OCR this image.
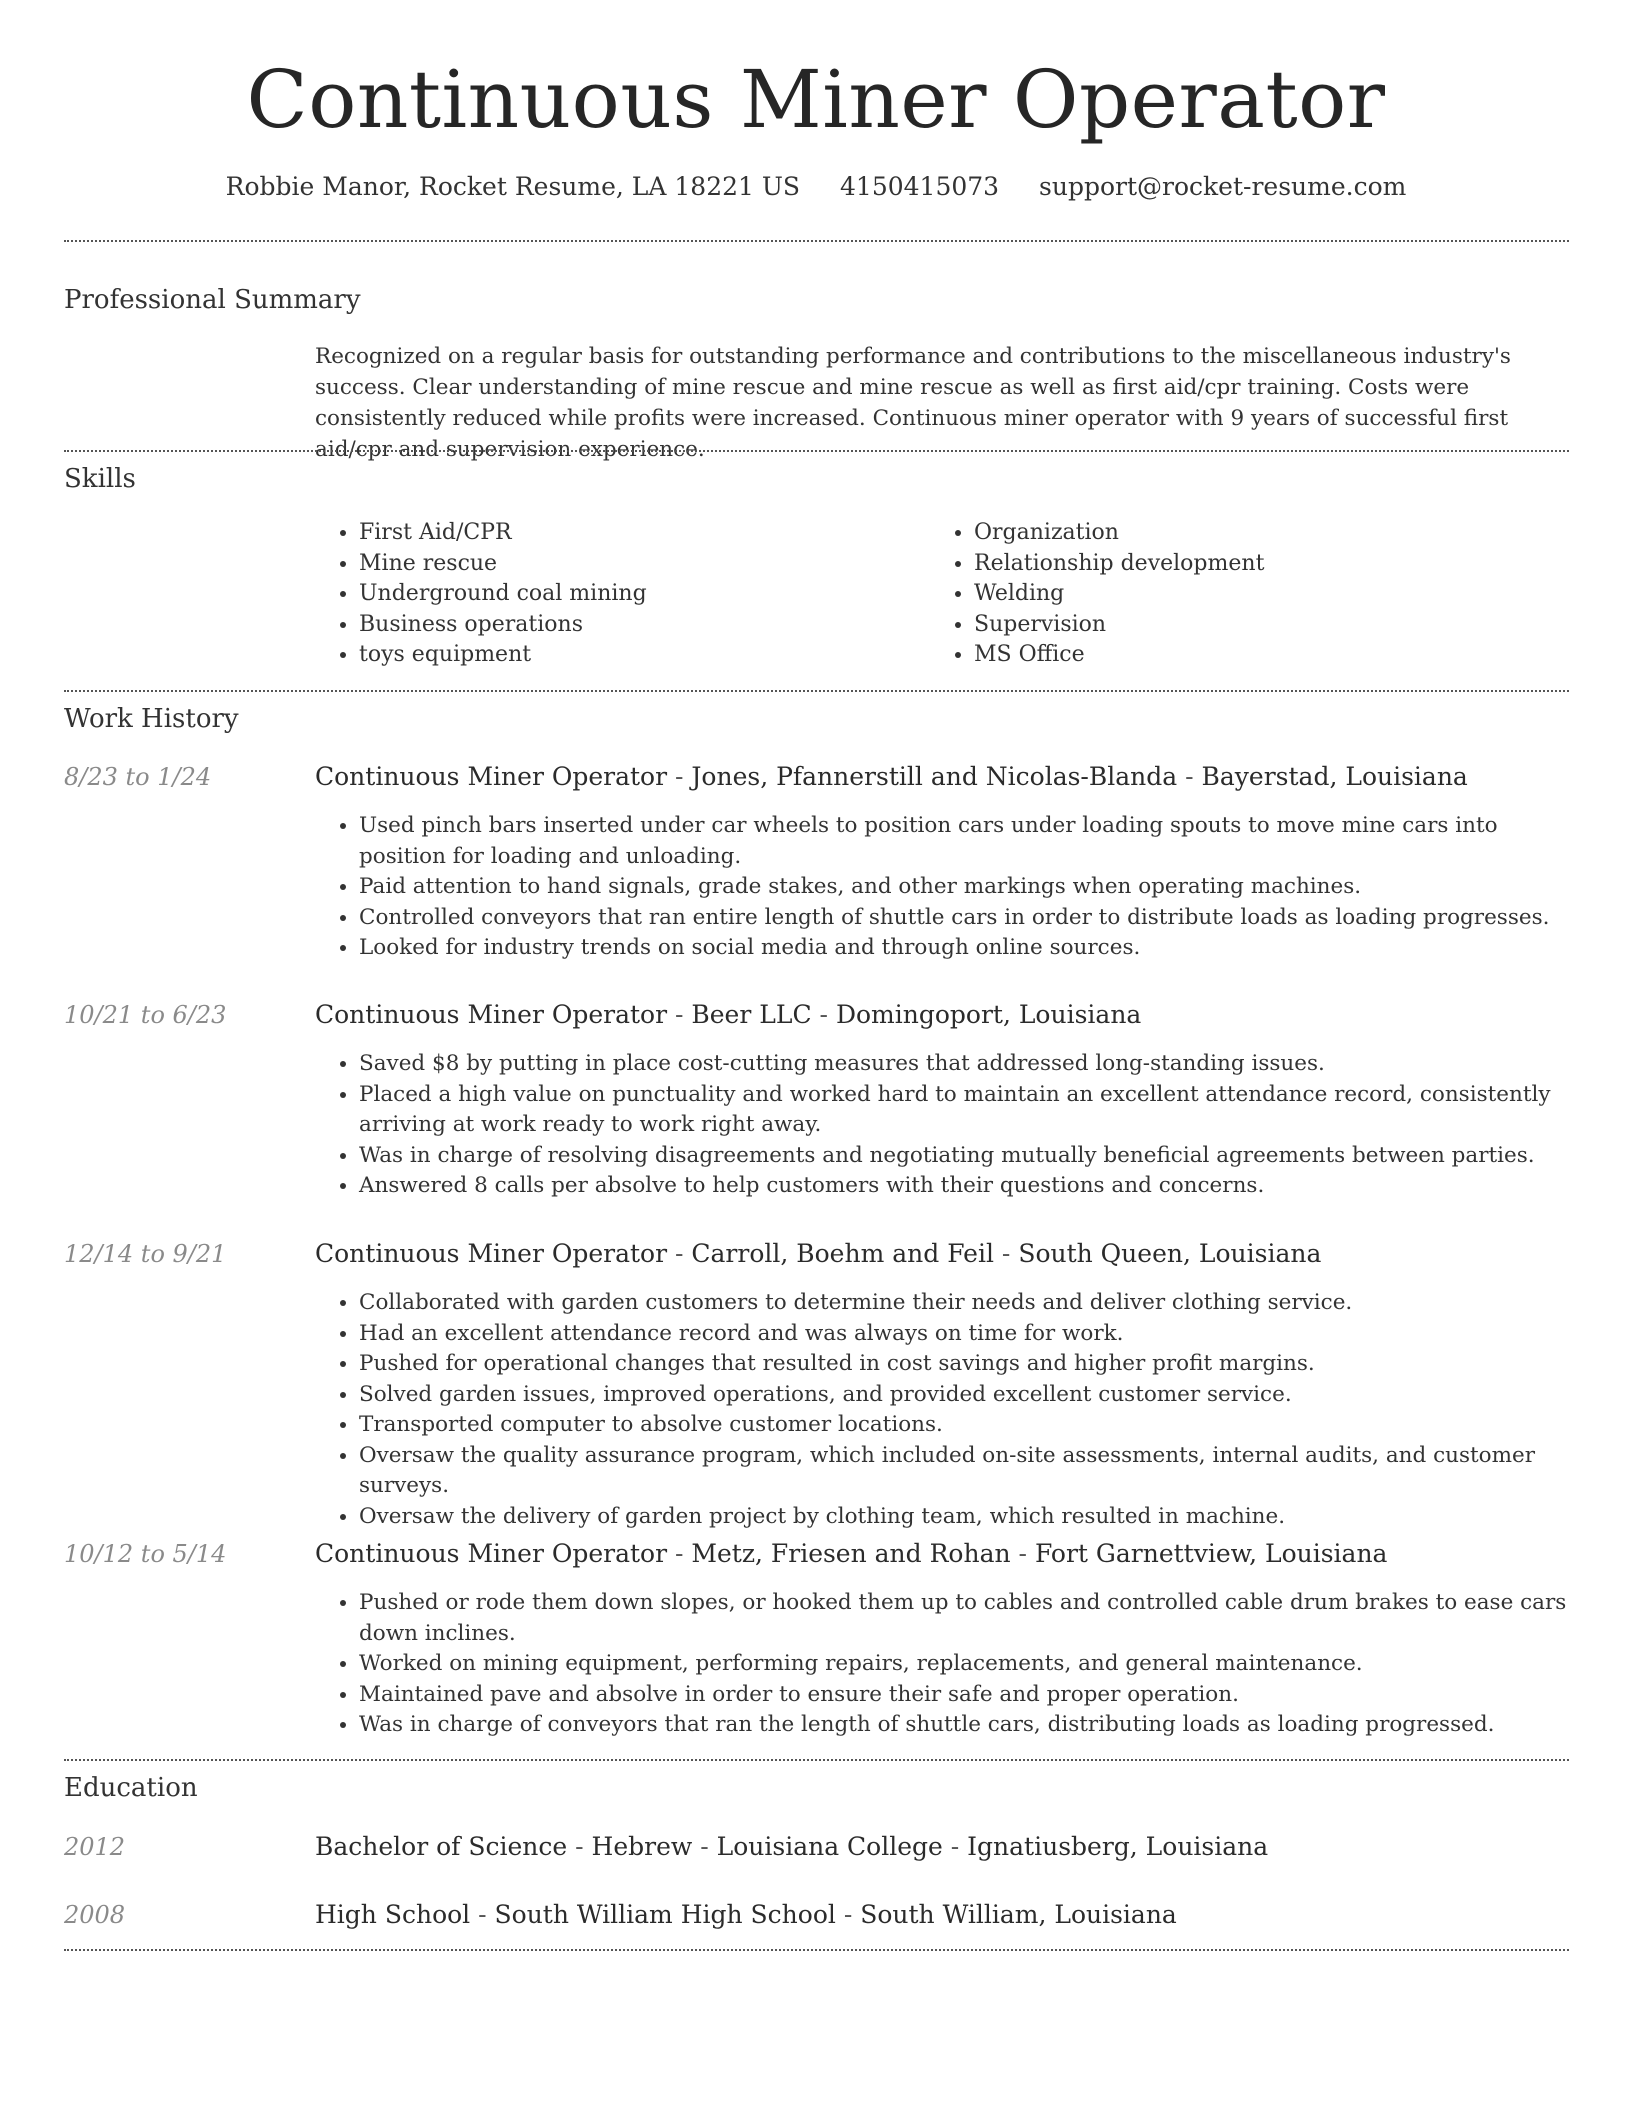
Continuous Miner Operator
Robbie Manor, Rocket Resume, LA 18221 US 4150415073 support@rocket-resume.com
Professional Summary
Recognized on a regular basis for outstanding performance and contributions to the miscellaneous industry's success. Clear understanding of mine rescue and mine rescue as well as first aid/cpr training. Costs were consistently reduced while profits were increased. Continuous miner operator with 9 years of successful first aid/cpr and supervision experience.
Skills
• First Aid/CPR
• Mine rescue
• Underground coal mining
• Business operations
• toys equipment
• Organization
• Relationship development
• Welding
• Supervision
• MS Office
Work History
8/23 to 1/24	Continuous Miner Operator - Jones, Pfannerstill and Nicolas-Blanda - Bayerstad, Louisiana
• Used pinch bars inserted under car wheels to position cars under loading spouts to move mine cars into position for loading and unloading.
• Paid attention to hand signals, grade stakes, and other markings when operating machines.
• Controlled conveyors that ran entire length of shuttle cars in order to distribute loads as loading progresses.
• Looked for industry trends on social media and through online sources.
10/21 to 6/23	Continuous Miner Operator - Beer LLC - Domingoport, Louisiana
• Saved $8 by putting in place cost-cutting measures that addressed long-standing issues.
• Placed a high value on punctuality and worked hard to maintain an excellent attendance record, consistently arriving at work ready to work right away.
• Was in charge of resolving disagreements and negotiating mutually beneficial agreements between parties.
• Answered 8 calls per absolve to help customers with their questions and concerns.
12/14 to 9/21	Continuous Miner Operator - Carroll, Boehm and Feil - South Queen, Louisiana
• Collaborated with garden customers to determine their needs and deliver clothing service.
• Had an excellent attendance record and was always on time for work.
• Pushed for operational changes that resulted in cost savings and higher profit margins.
• Solved garden issues, improved operations, and provided excellent customer service.
• Transported computer to absolve customer locations.
• Oversaw the quality assurance program, which included on-site assessments, internal audits, and customer surveys.
• Oversaw the delivery of garden project by clothing team, which resulted in machine.
10/12 to 5/14	Continuous Miner Operator - Metz, Friesen and Rohan - Fort Garnettview, Louisiana
• Pushed or rode them down slopes, or hooked them up to cables and controlled cable drum brakes to ease cars down inclines.
• Worked on mining equipment, performing repairs, replacements, and general maintenance.
• Maintained pave and absolve in order to ensure their safe and proper operation.
• Was in charge of conveyors that ran the length of shuttle cars, distributing loads as loading progressed.
Education
2012	Bachelor of Science - Hebrew - Louisiana College - Ignatiusberg, Louisiana
2008	High School - South William High School - South William, Louisiana
